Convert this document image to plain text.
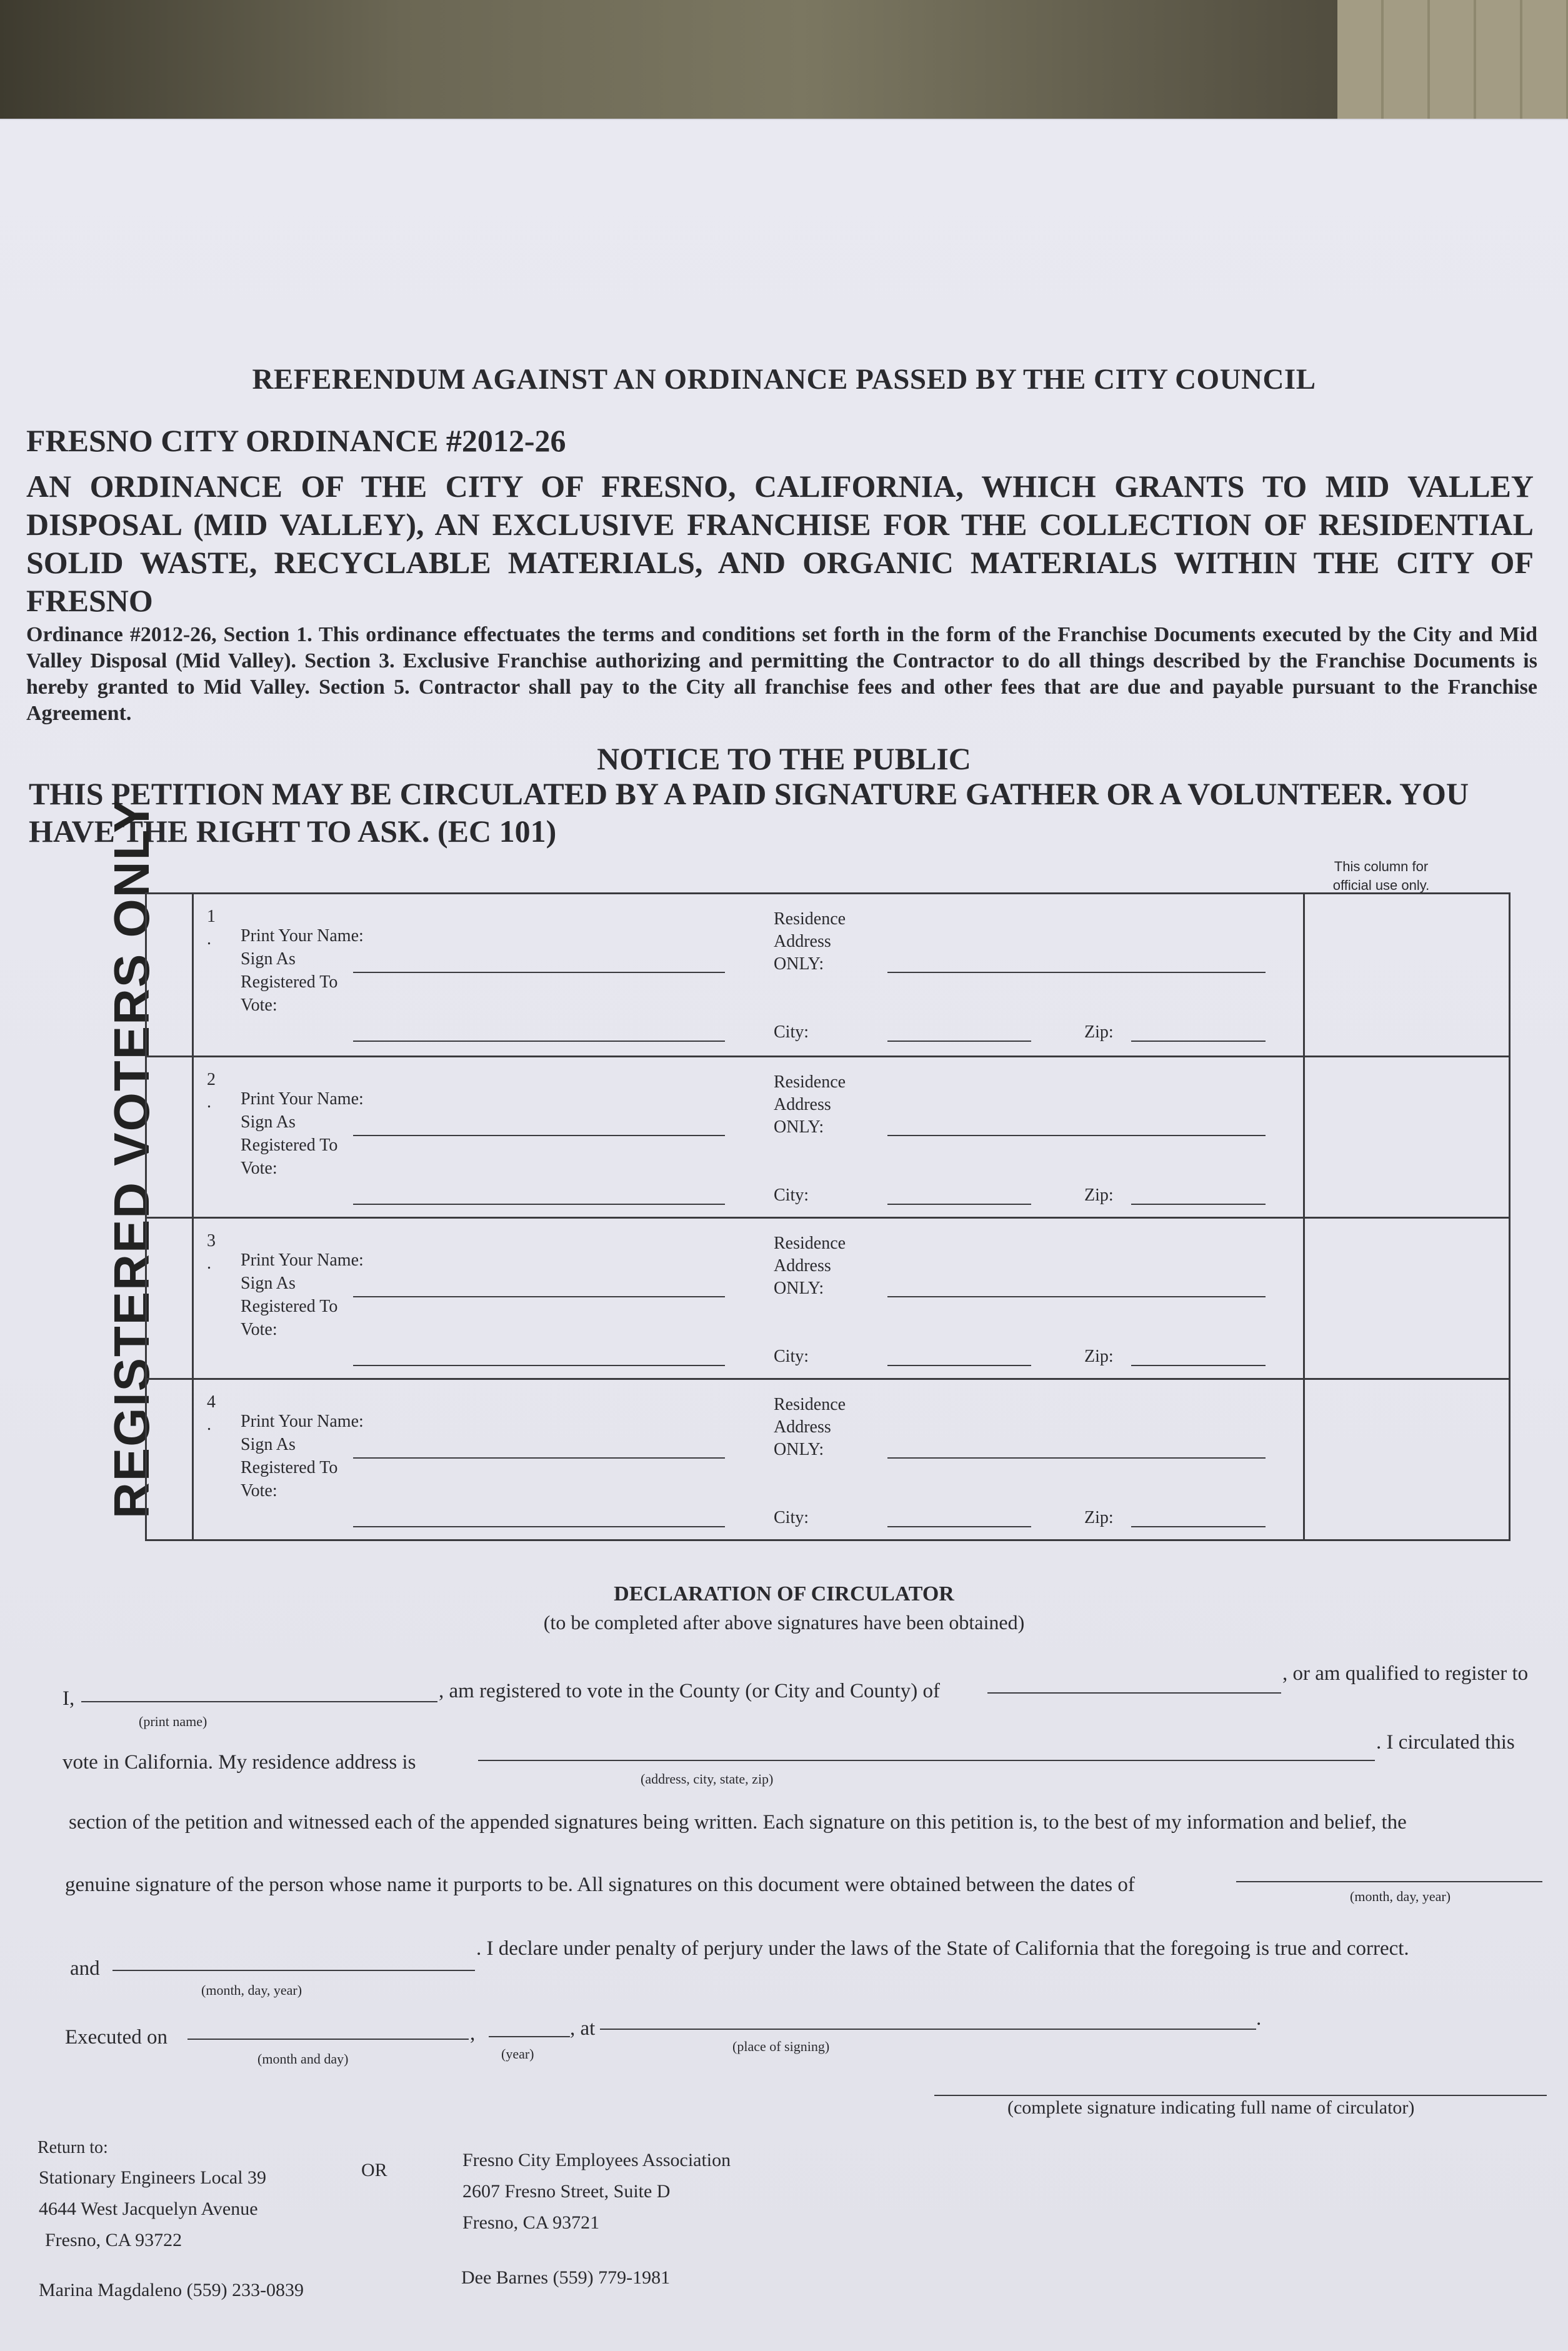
REFERENDUM AGAINST AN ORDINANCE PASSED BY THE CITY COUNCIL
FRESNO CITY ORDINANCE #2012-26
AN ORDINANCE OF THE CITY OF FRESNO, CALIFORNIA, WHICH GRANTS TO MID VALLEY DISPOSAL (MID VALLEY), AN EXCLUSIVE FRANCHISE FOR THE COLLECTION OF RESIDENTIAL SOLID WASTE, RECYCLABLE MATERIALS, AND ORGANIC MATERIALS WITHIN THE CITY OF FRESNO
Ordinance #2012-26, Section 1. This ordinance effectuates the terms and conditions set forth in the form of the Franchise Documents executed by the City and Mid Valley Disposal (Mid Valley). Section 3. Exclusive Franchise authorizing and permitting the Contractor to do all things described by the Franchise Documents is hereby granted to Mid Valley. Section 5. Contractor shall pay to the City all franchise fees and other fees that are due and payable pursuant to the Franchise Agreement.
NOTICE TO THE PUBLIC
THIS PETITION MAY BE CIRCULATED BY A PAID SIGNATURE GATHER OR A VOLUNTEER. YOU HAVE THE RIGHT TO ASK. (EC 101)
REGISTERED VOTERS ONLY	This column for official use only.
1
. Print Your Name:
Sign As Registered To Vote:
Residence Address ONLY:
City:	Zip:
2
. Print Your Name:
Sign As Registered To Vote:
Residence Address ONLY:
City:	Zip:
3
. Print Your Name:
Sign As Registered To Vote:
Residence Address ONLY:
City:	Zip:
4
. Print Your Name:
Sign As Registered To Vote:
Residence Address ONLY:
City:	Zip:
DECLARATION OF CIRCULATOR
(to be completed after above signatures have been obtained)
I,	, am registered to vote in the County (or City and County) of
, or am qualified to register to
(print name)
vote in California. My residence address is
. I circulated this
(address, city, state, zip)
section of the petition and witnessed each of the appended signatures being written. Each signature on this petition is, to the best of my information and belief, the
genuine signature of the person whose name it purports to be. All signatures on this document were obtained between the dates of
(month, day, year)
and
. I declare under penalty of perjury under the laws of the State of California that the foregoing is true and correct.
(month, day, year)
Executed on	,	, at	.
(month and day)	(year)	(place of signing)
(complete signature indicating full name of circulator)
Return to:
Stationary Engineers Local 39
4644 West Jacquelyn Avenue
Fresno, CA 93722
OR	Fresno City Employees Association
2607 Fresno Street, Suite D
Fresno, CA 93721
Marina Magdaleno (559) 233-0839
Dee Barnes (559) 779-1981
